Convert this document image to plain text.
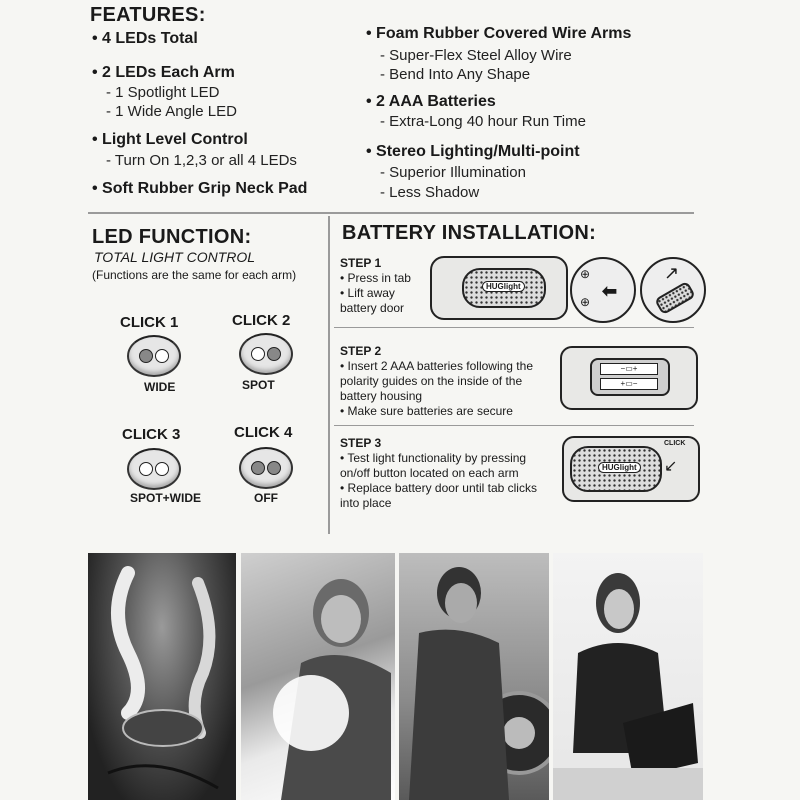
FEATURES:
• 4 LEDs Total
• 2 LEDs Each Arm
- 1 Spotlight LED
- 1 Wide Angle LED
• Light Level Control
- Turn On 1,2,3 or all 4 LEDs
• Soft Rubber Grip Neck Pad
• Foam Rubber Covered Wire Arms
- Super-Flex Steel Alloy Wire
- Bend Into Any Shape
• 2 AAA Batteries
- Extra-Long 40 hour Run Time
• Stereo Lighting/Multi-point
- Superior Illumination
- Less Shadow
LED FUNCTION:
TOTAL LIGHT CONTROL
(Functions are the same for each arm)
CLICK 1
WIDE
CLICK 2
SPOT
CLICK 3
SPOT+WIDE
CLICK 4
OFF
BATTERY INSTALLATION:
STEP 1
• Press in tab
• Lift away battery door
STEP 2
• Insert 2 AAA batteries following the polarity guides on the inside of the battery housing
• Make sure batteries are secure
STEP 3
• Test light functionality by pressing on/off button located on each arm
• Replace battery door until tab clicks into place
HUGlight
⊕
⊕
⬅
↗
−▭+
+▭−
HUGlight
CLICK
↙
